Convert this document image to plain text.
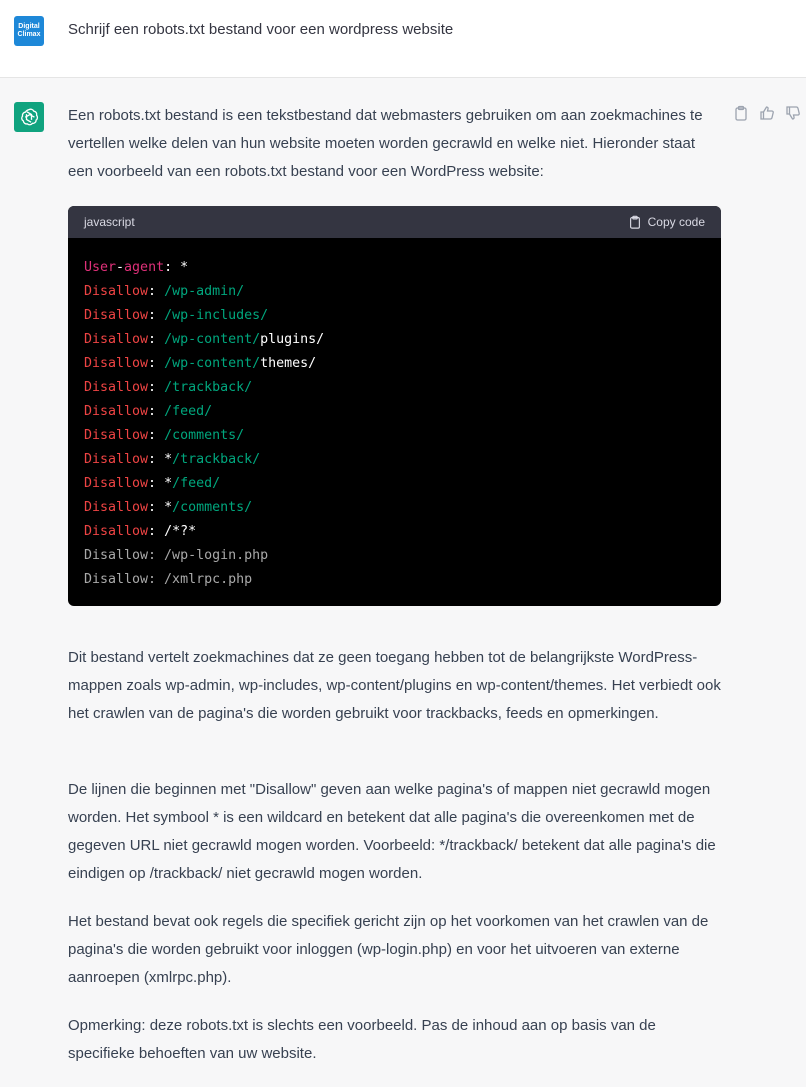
Digital
Climax Schrijf een robots.txt bestand voor een wordpress website

Een robots.txt bestand is een tekstbestand dat webmasters gebruiken om aan zoekmachines te vertellen welke delen van hun website moeten worden gecrawld en welke niet. Hieronder staat een voorbeeld van een robots.txt bestand voor een WordPress website:

javascript	Copy code
User-agent: *
Disallow: /wp-admin/
Disallow: /wp-includes/
Disallow: /wp-content/plugins/
Disallow: /wp-content/themes/
Disallow: /trackback/
Disallow: /feed/
Disallow: /comments/
Disallow: */trackback/
Disallow: */feed/
Disallow: */comments/
Disallow: /*?*
Disallow: /wp-login.php
Disallow: /xmlrpc.php
Dit bestand vertelt zoekmachines dat ze geen toegang hebben tot de belangrijkste WordPress-mappen zoals wp-admin, wp-includes, wp-content/plugins en wp-content/themes. Het verbiedt ook het crawlen van de pagina's die worden gebruikt voor trackbacks, feeds en opmerkingen.
De lijnen die beginnen met "Disallow" geven aan welke pagina's of mappen niet gecrawld mogen worden. Het symbool * is een wildcard en betekent dat alle pagina's die overeenkomen met de gegeven URL niet gecrawld mogen worden. Voorbeeld: */trackback/ betekent dat alle pagina's die eindigen op /trackback/ niet gecrawld mogen worden.
Het bestand bevat ook regels die specifiek gericht zijn op het voorkomen van het crawlen van de pagina's die worden gebruikt voor inloggen (wp-login.php) en voor het uitvoeren van externe aanroepen (xmlrpc.php).
Opmerking: deze robots.txt is slechts een voorbeeld. Pas de inhoud aan op basis van de specifieke behoeften van uw website.
